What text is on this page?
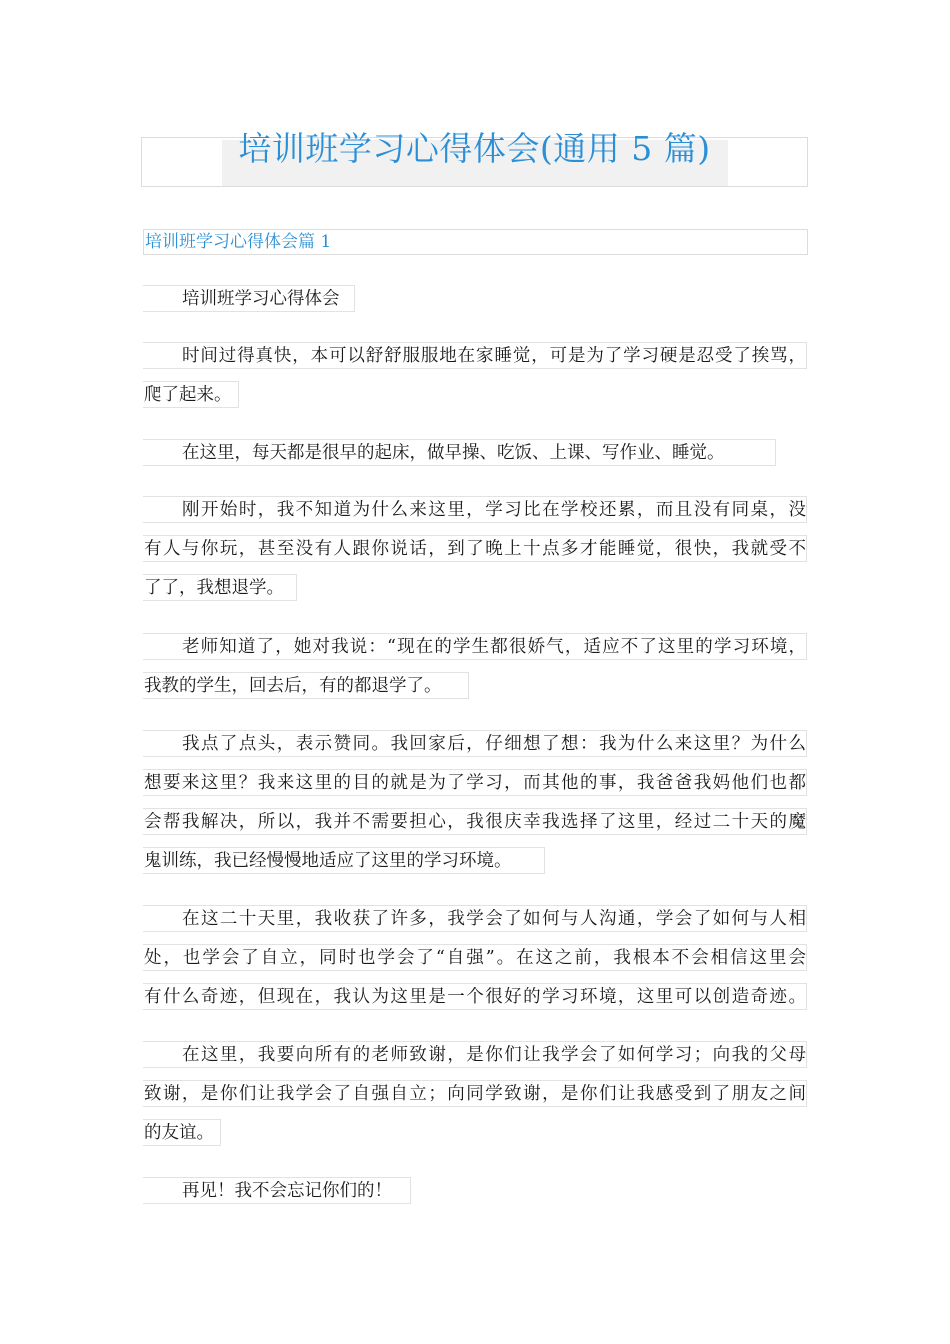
培训班学习心得体会(通用 5 篇)
培训班学习心得体会篇 1
培训班学习心得体会
时间过得真快，本可以舒舒服服地在家睡觉，可是为了学习硬是忍受了挨骂，
爬了起来。
在这里，每天都是很早的起床，做早操、吃饭、上课、写作业、睡觉。
刚开始时，我不知道为什么来这里，学习比在学校还累，而且没有同桌，没
有人与你玩，甚至没有人跟你说话，到了晚上十点多才能睡觉，很快，我就受不
了了，我想退学。
老师知道了，她对我说：“现在的学生都很娇气，适应不了这里的学习环境，
我教的学生，回去后，有的都退学了。
我点了点头，表示赞同。我回家后，仔细想了想：我为什么来这里？为什么
想要来这里？我来这里的目的就是为了学习，而其他的事，我爸爸我妈他们也都
会帮我解决，所以，我并不需要担心，我很庆幸我选择了这里，经过二十天的魔
鬼训练，我已经慢慢地适应了这里的学习环境。
在这二十天里，我收获了许多，我学会了如何与人沟通，学会了如何与人相
处，也学会了自立，同时也学会了“自强”。在这之前，我根本不会相信这里会
有什么奇迹，但现在，我认为这里是一个很好的学习环境，这里可以创造奇迹。
在这里，我要向所有的老师致谢，是你们让我学会了如何学习；向我的父母
致谢，是你们让我学会了自强自立；向同学致谢，是你们让我感受到了朋友之间
的友谊。
再见！我不会忘记你们的！
